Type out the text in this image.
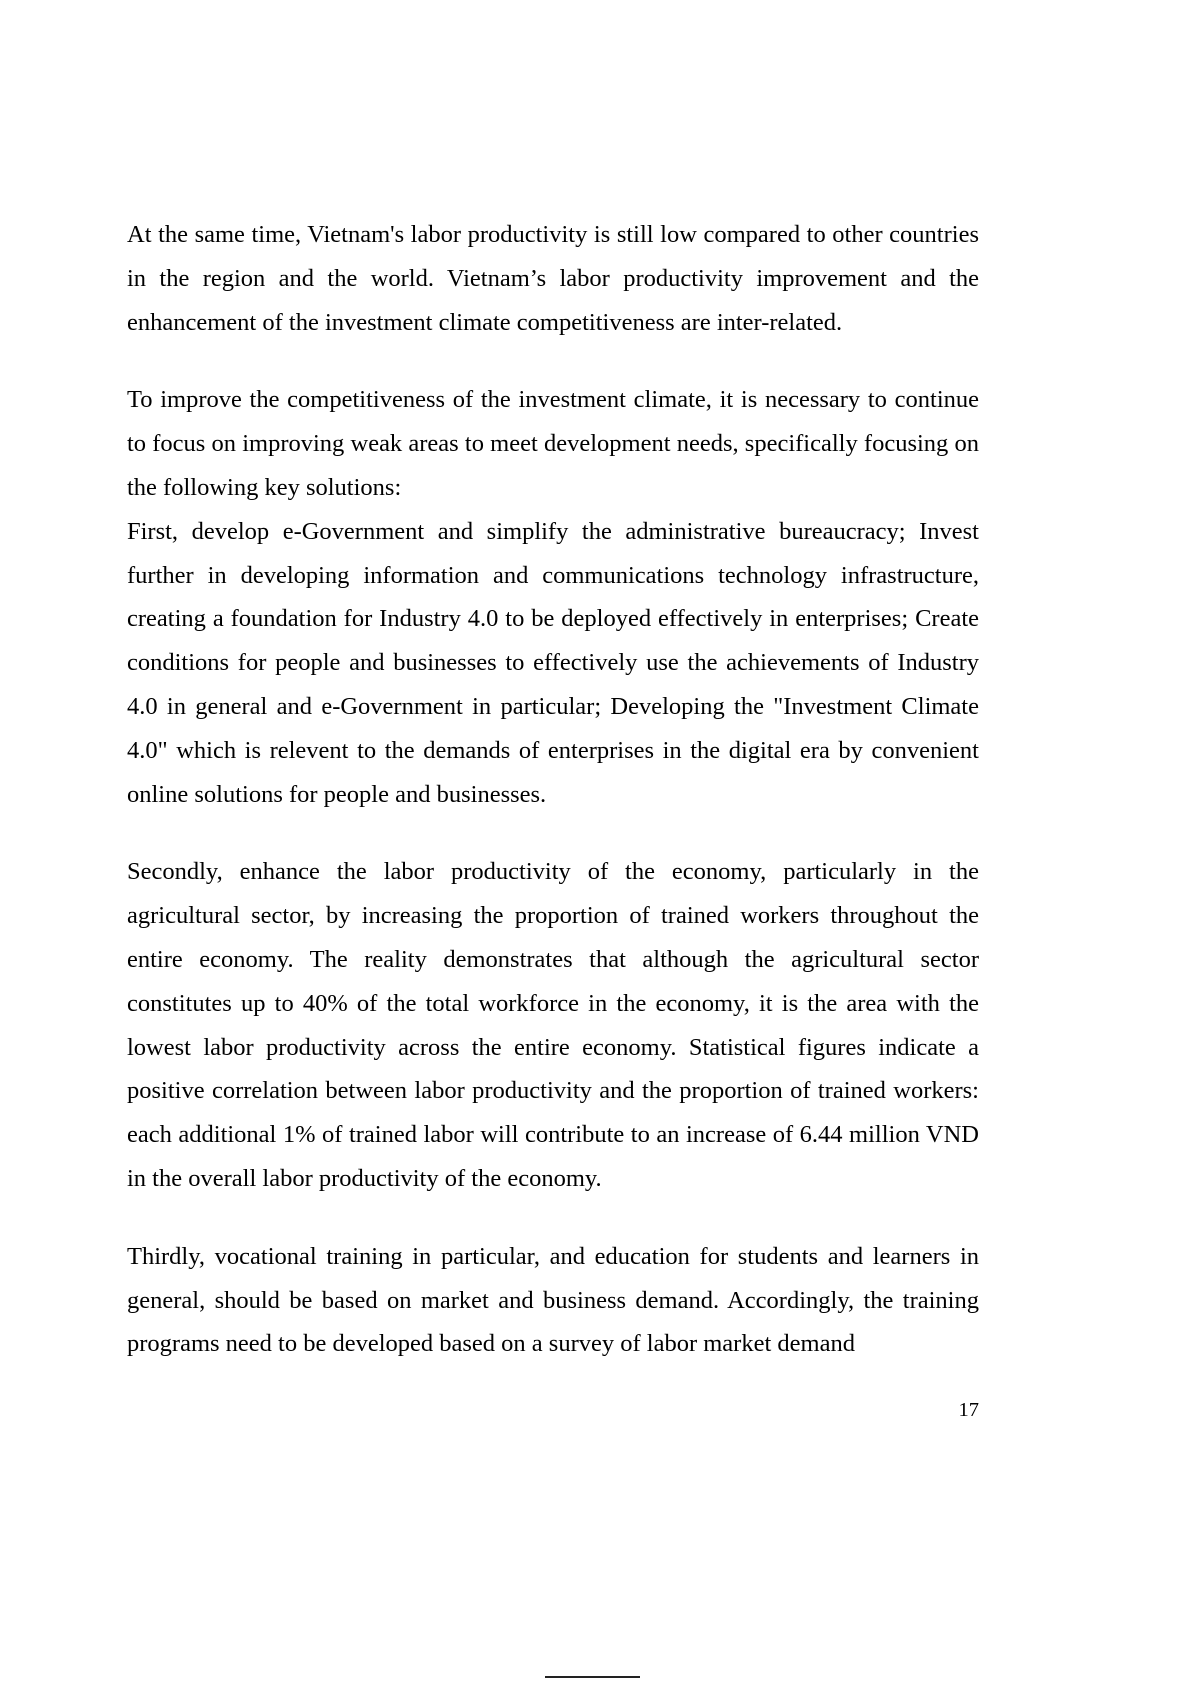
At the same time, Vietnam's labor productivity is still low compared to other countries in the region and the world. Vietnam’s labor productivity improvement and the enhancement of the investment climate competitiveness are inter-related.

To improve the competitiveness of the investment climate, it is necessary to continue to focus on improving weak areas to meet development needs, specifically focusing on the following key solutions:

First, develop e-Government and simplify the administrative bureaucracy; Invest further in developing information and communications technology infrastructure, creating a foundation for Industry 4.0 to be deployed effectively in enterprises; Create conditions for people and businesses to effectively use the achievements of Industry 4.0 in general and e-Government in particular; Developing the "Investment Climate 4.0" which is relevent to the demands of enterprises in the digital era by convenient online solutions for people and businesses.

Secondly, enhance the labor productivity of the economy, particularly in the agricultural sector, by increasing the proportion of trained workers throughout the entire economy. The reality demonstrates that although the agricultural sector constitutes up to 40% of the total workforce in the economy, it is the area with the lowest labor productivity across the entire economy. Statistical figures indicate a positive correlation between labor productivity and the proportion of trained workers: each additional 1% of trained labor will contribute to an increase of 6.44 million VND in the overall labor productivity of the economy.

Thirdly, vocational training in particular, and education for students and learners in general, should be based on market and business demand. Accordingly, the training programs need to be developed based on a survey of labor market demand

17
